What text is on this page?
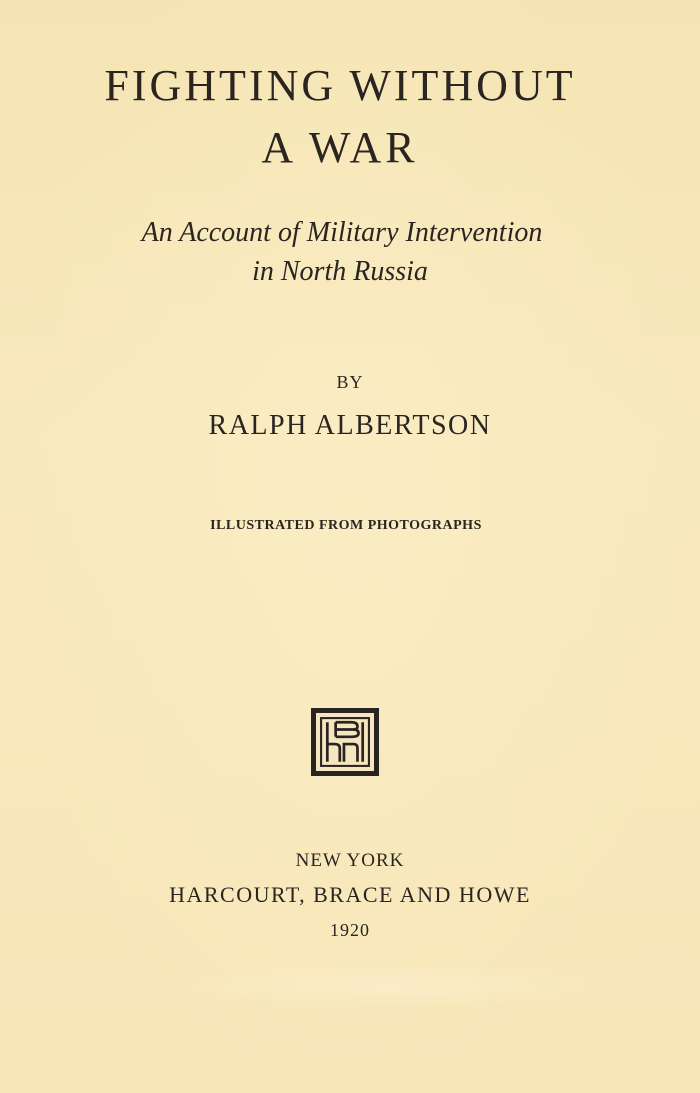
FIGHTING WITHOUT
A WAR
An Account of Military Intervention
in North Russia
BY
RALPH ALBERTSON
ILLUSTRATED FROM PHOTOGRAPHS
NEW YORK
HARCOURT, BRACE AND HOWE
1920
